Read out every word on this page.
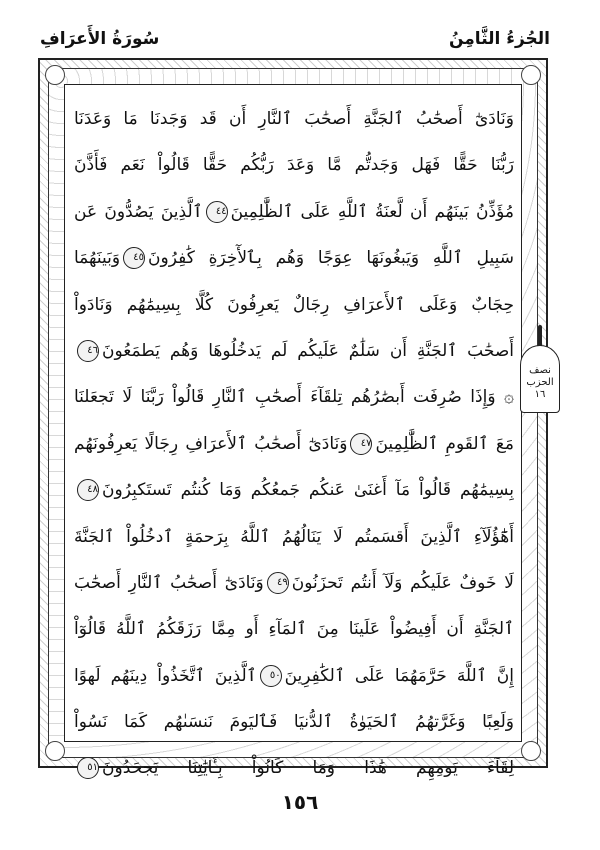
الجُزءُ الثَّامِنُ
سُورَةُ الأَعرَافِ
وَنَادَىٰٓ أَصحَٰبُ ٱلجَنَّةِ أَصحَٰبَ ٱلنَّارِ أَن قَد وَجَدنَا مَا وَعَدَنَا
رَبُّنَا حَقًّا فَهَل وَجَدتُّم مَّا وَعَدَ رَبُّكُم حَقًّا قَالُواْ نَعَم فَأَذَّنَ
مُؤَذِّنُ بَينَهُم أَن لَّعنَةُ ٱللَّهِ عَلَى ٱلظَّٰلِمِينَ٤٤ٱلَّذِينَ يَصُدُّونَ عَن
سَبِيلِ ٱللَّهِ وَيَبغُونَهَا عِوَجًا وَهُم بِٱلأٓخِرَةِ كَٰفِرُونَ٤٥وَبَينَهُمَا
حِجَابٌ وَعَلَى ٱلأَعرَافِ رِجَالٌ يَعرِفُونَ كُلَّا بِسِيمَٰهُم وَنَادَواْ
أَصحَٰبَ ٱلجَنَّةِ أَن سَلَٰمٌ عَلَيكُم لَم يَدخُلُوهَا وَهُم يَطمَعُونَ٤٦
۞ وَإِذَا صُرِفَت أَبصَٰرُهُم تِلقَآءَ أَصحَٰبِ ٱلنَّارِ قَالُواْ رَبَّنَا لَا تَجعَلنَا
مَعَ ٱلقَومِ ٱلظَّٰلِمِينَ٤٧وَنَادَىٰٓ أَصحَٰبُ ٱلأَعرَافِ رِجَالًا يَعرِفُونَهُم
بِسِيمَٰهُم قَالُواْ مَآ أَغنَىٰ عَنكُم جَمعُكُم وَمَا كُنتُم تَستَكبِرُونَ٤٨
أَهَٰٓؤُلَآءِ ٱلَّذِينَ أَقسَمتُم لَا يَنَالُهُمُ ٱللَّهُ بِرَحمَةٍ ٱدخُلُواْ ٱلجَنَّةَ
لَا خَوفٌ عَلَيكُم وَلَآ أَنتُم تَحزَنُونَ٤٩وَنَادَىٰٓ أَصحَٰبُ ٱلنَّارِ أَصحَٰبَ
ٱلجَنَّةِ أَن أَفِيضُواْ عَلَينَا مِنَ ٱلمَآءِ أَو مِمَّا رَزَقَكُمُ ٱللَّهُ قَالُوٓاْ
إِنَّ ٱللَّهَ حَرَّمَهُمَا عَلَى ٱلكَٰفِرِينَ٥٠ٱلَّذِينَ ٱتَّخَذُواْ دِينَهُم لَهوًا
وَلَعِبًا وَغَرَّتهُمُ ٱلحَيَوٰةُ ٱلدُّنيَا فَٱليَومَ نَنسَىٰهُم كَمَا نَسُواْ
لِقَآءَ يَومِهِم هَٰذَا وَمَا كَانُواْ بِـَٔايَٰتِنَا يَجحَدُونَ٥١
نصف
الحزب
١٦
١٥٦
